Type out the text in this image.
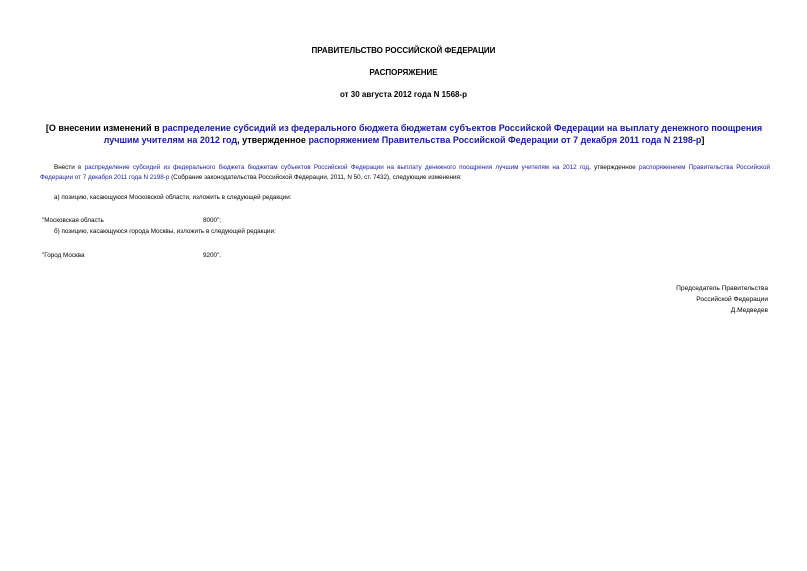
ПРАВИТЕЛЬСТВО РОССИЙСКОЙ ФЕДЕРАЦИИ
РАСПОРЯЖЕНИЕ
от 30 августа 2012 года N 1568-р
[О внесении изменений в распределение субсидий из федерального бюджета бюджетам субъектов Российской Федерации на выплату денежного поощрения лучшим учителям на 2012 год, утвержденное распоряжением Правительства Российской Федерации от 7 декабря 2011 года N 2198-р]
Внести в распределение субсидий из федерального бюджета бюджетам субъектов Российской Федерации на выплату денежного поощрения лучшим учителям на 2012 год, утвержденное распоряжением Правительства Российской Федерации от 7 декабря 2011 года N 2198-р (Собрание законодательства Российской Федерации, 2011, N 50, ст. 7432), следующие изменения:
а) позицию, касающуюся Московской области, изложить в следующей редакции:
"Московская область	8000";
б) позицию, касающуюся города Москвы, изложить в следующей редакции:
"Город Москва	9200".
Председатель Правительства
Российской Федерации
Д.Медведев
